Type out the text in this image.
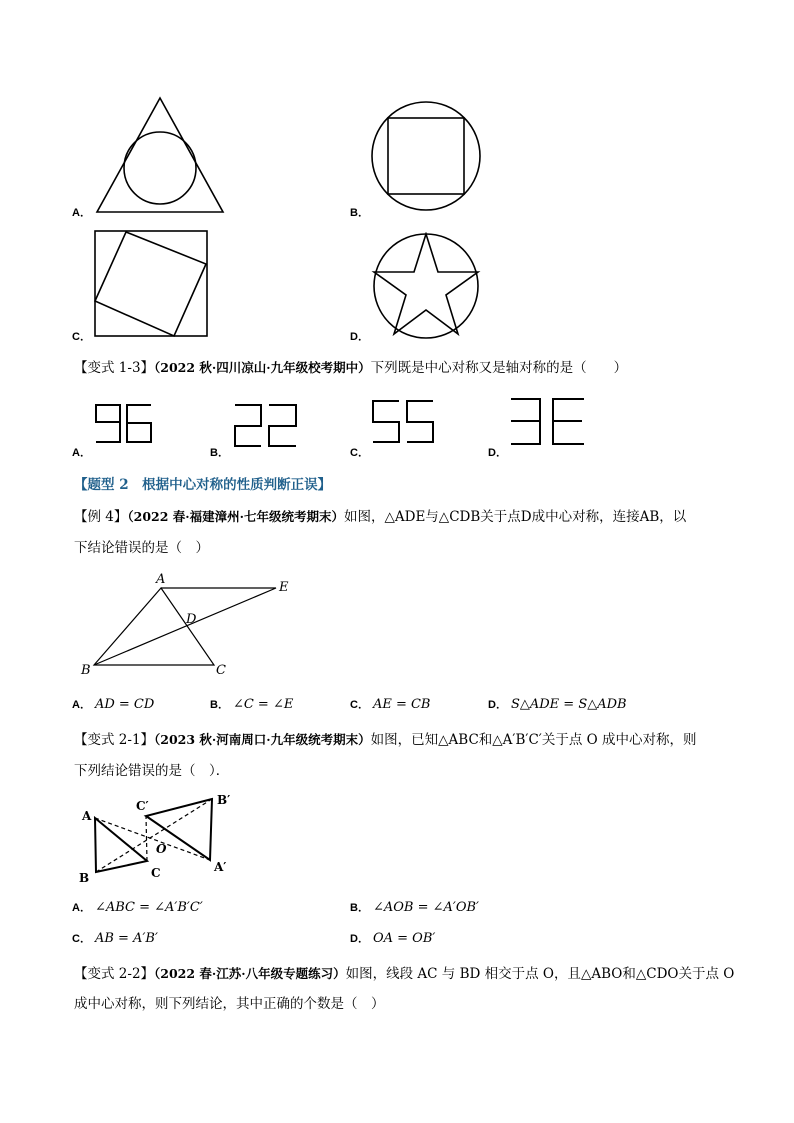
A．	B．
C．	D．
【变式 1-3】（2022 秋·四川凉山·九年级校考期中）下列既是中心对称又是轴对称的是（　　）
A．	B．	C．	D．
【题型 2　根据中心对称的性质判断正误】
【例 4】（2022 春·福建漳州·七年级统考期末）如图，△ADE与△CDB关于点D成中心对称，连接AB，以
下结论错误的是（　）
A
E
D
B	C
A． AD = CD	B． ∠C = ∠E	C． AE = CB	D． S△ADE = S△ADB
【变式 2-1】（2023 秋·河南周口·九年级统考期末）如图，已知△ABC和△A′B′C′关于点 O 成中心对称，则
下列结论错误的是（　）．
A
B	C	A′
B′
C′
O
A． ∠ABC = ∠A′B′C′	B． ∠AOB = ∠A′OB′
C． AB = A′B′	D． OA = OB′
【变式 2-2】（2022 春·江苏·八年级专题练习）如图，线段 AC 与 BD 相交于点 O，且△ABO和△CDO关于点 O
成中心对称，则下列结论，其中正确的个数是（　）
